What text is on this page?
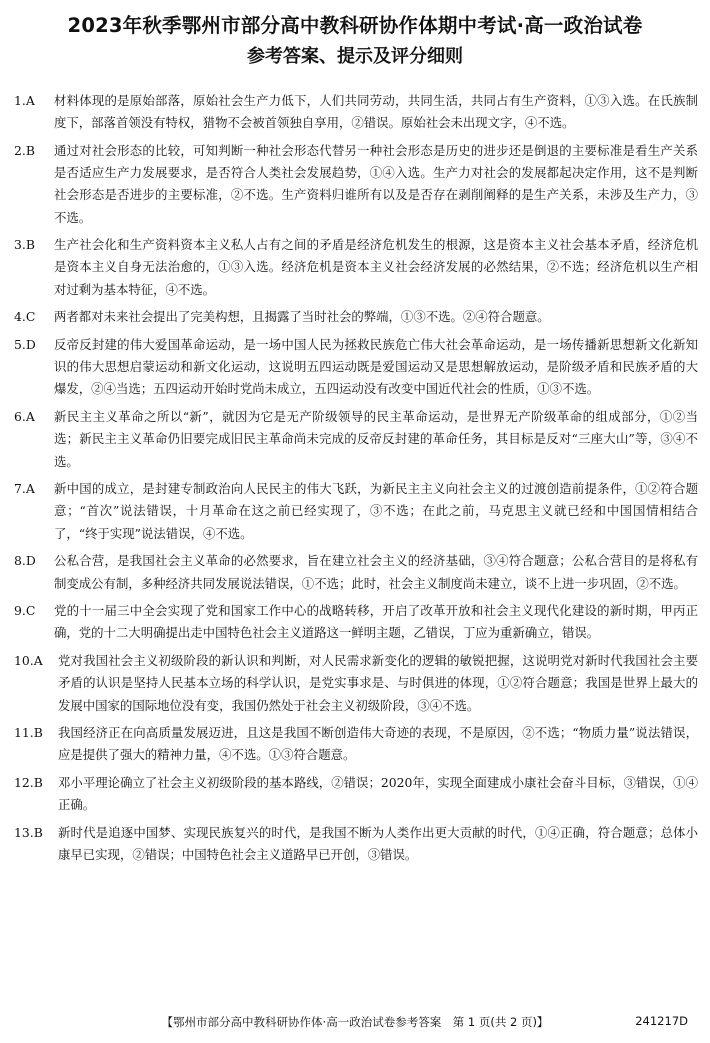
2023年秋季鄂州市部分高中教科研协作体期中考试·高一政治试卷
参考答案、提示及评分细则
1.A	材料体现的是原始部落，原始社会生产力低下，人们共同劳动，共同生活，共同占有生产资料，①③入选。在氏族制度下，部落首领没有特权，猎物不会被首领独自享用，②错误。原始社会未出现文字，④不选。
2.B	通过对社会形态的比较，可知判断一种社会形态代替另一种社会形态是历史的进步还是倒退的主要标准是看生产关系是否适应生产力发展要求，是否符合人类社会发展趋势，①④入选。生产力对社会的发展都起决定作用，这不是判断社会形态是否进步的主要标准，②不选。生产资料归谁所有以及是否存在剥削阐释的是生产关系，未涉及生产力，③不选。
3.B	生产社会化和生产资料资本主义私人占有之间的矛盾是经济危机发生的根源，这是资本主义社会基本矛盾，经济危机是资本主义自身无法治愈的，①③入选。经济危机是资本主义社会经济发展的必然结果，②不选；经济危机以生产相对过剩为基本特征，④不选。
4.C	两者都对未来社会提出了完美构想，且揭露了当时社会的弊端，①③不选。②④符合题意。
5.D	反帝反封建的伟大爱国革命运动，是一场中国人民为拯救民族危亡伟大社会革命运动，是一场传播新思想新文化新知识的伟大思想启蒙运动和新文化运动，这说明五四运动既是爱国运动又是思想解放运动，是阶级矛盾和民族矛盾的大爆发，②④当选；五四运动开始时党尚未成立，五四运动没有改变中国近代社会的性质，①③不选。
6.A	新民主主义革命之所以“新”，就因为它是无产阶级领导的民主革命运动，是世界无产阶级革命的组成部分，①②当选；新民主主义革命仍旧要完成旧民主革命尚未完成的反帝反封建的革命任务，其目标是反对“三座大山”等，③④不选。
7.A	新中国的成立，是封建专制政治向人民民主的伟大飞跃，为新民主主义向社会主义的过渡创造前提条件，①②符合题意；“首次”说法错误，十月革命在这之前已经实现了，③不选；在此之前，马克思主义就已经和中国国情相结合了，“终于实现”说法错误，④不选。
8.D	公私合营，是我国社会主义革命的必然要求，旨在建立社会主义的经济基础，③④符合题意；公私合营目的是将私有制变成公有制，多种经济共同发展说法错误，①不选；此时，社会主义制度尚未建立，谈不上进一步巩固，②不选。
9.C	党的十一届三中全会实现了党和国家工作中心的战略转移，开启了改革开放和社会主义现代化建设的新时期，甲丙正确，党的十二大明确提出走中国特色社会主义道路这一鲜明主题，乙错误，丁应为重新确立，错误。
10.A	党对我国社会主义初级阶段的新认识和判断，对人民需求新变化的逻辑的敏锐把握，这说明党对新时代我国社会主要矛盾的认识是坚持人民基本立场的科学认识，是党实事求是、与时俱进的体现，①②符合题意；我国是世界上最大的发展中国家的国际地位没有变，我国仍然处于社会主义初级阶段，③④不选。
11.B	我国经济正在向高质量发展迈进，且这是我国不断创造伟大奇迹的表现，不是原因，②不选；“物质力量”说法错误，应是提供了强大的精神力量，④不选。①③符合题意。
12.B	邓小平理论确立了社会主义初级阶段的基本路线，②错误；2020年，实现全面建成小康社会奋斗目标，③错误，①④正确。
13.B	新时代是追逐中国梦、实现民族复兴的时代，是我国不断为人类作出更大贡献的时代，①④正确，符合题意；总体小康早已实现，②错误；中国特色社会主义道路早已开创，③错误。
【鄂州市部分高中教科研协作体·高一政治试卷参考答案　第 1 页(共 2 页)】	241217D
